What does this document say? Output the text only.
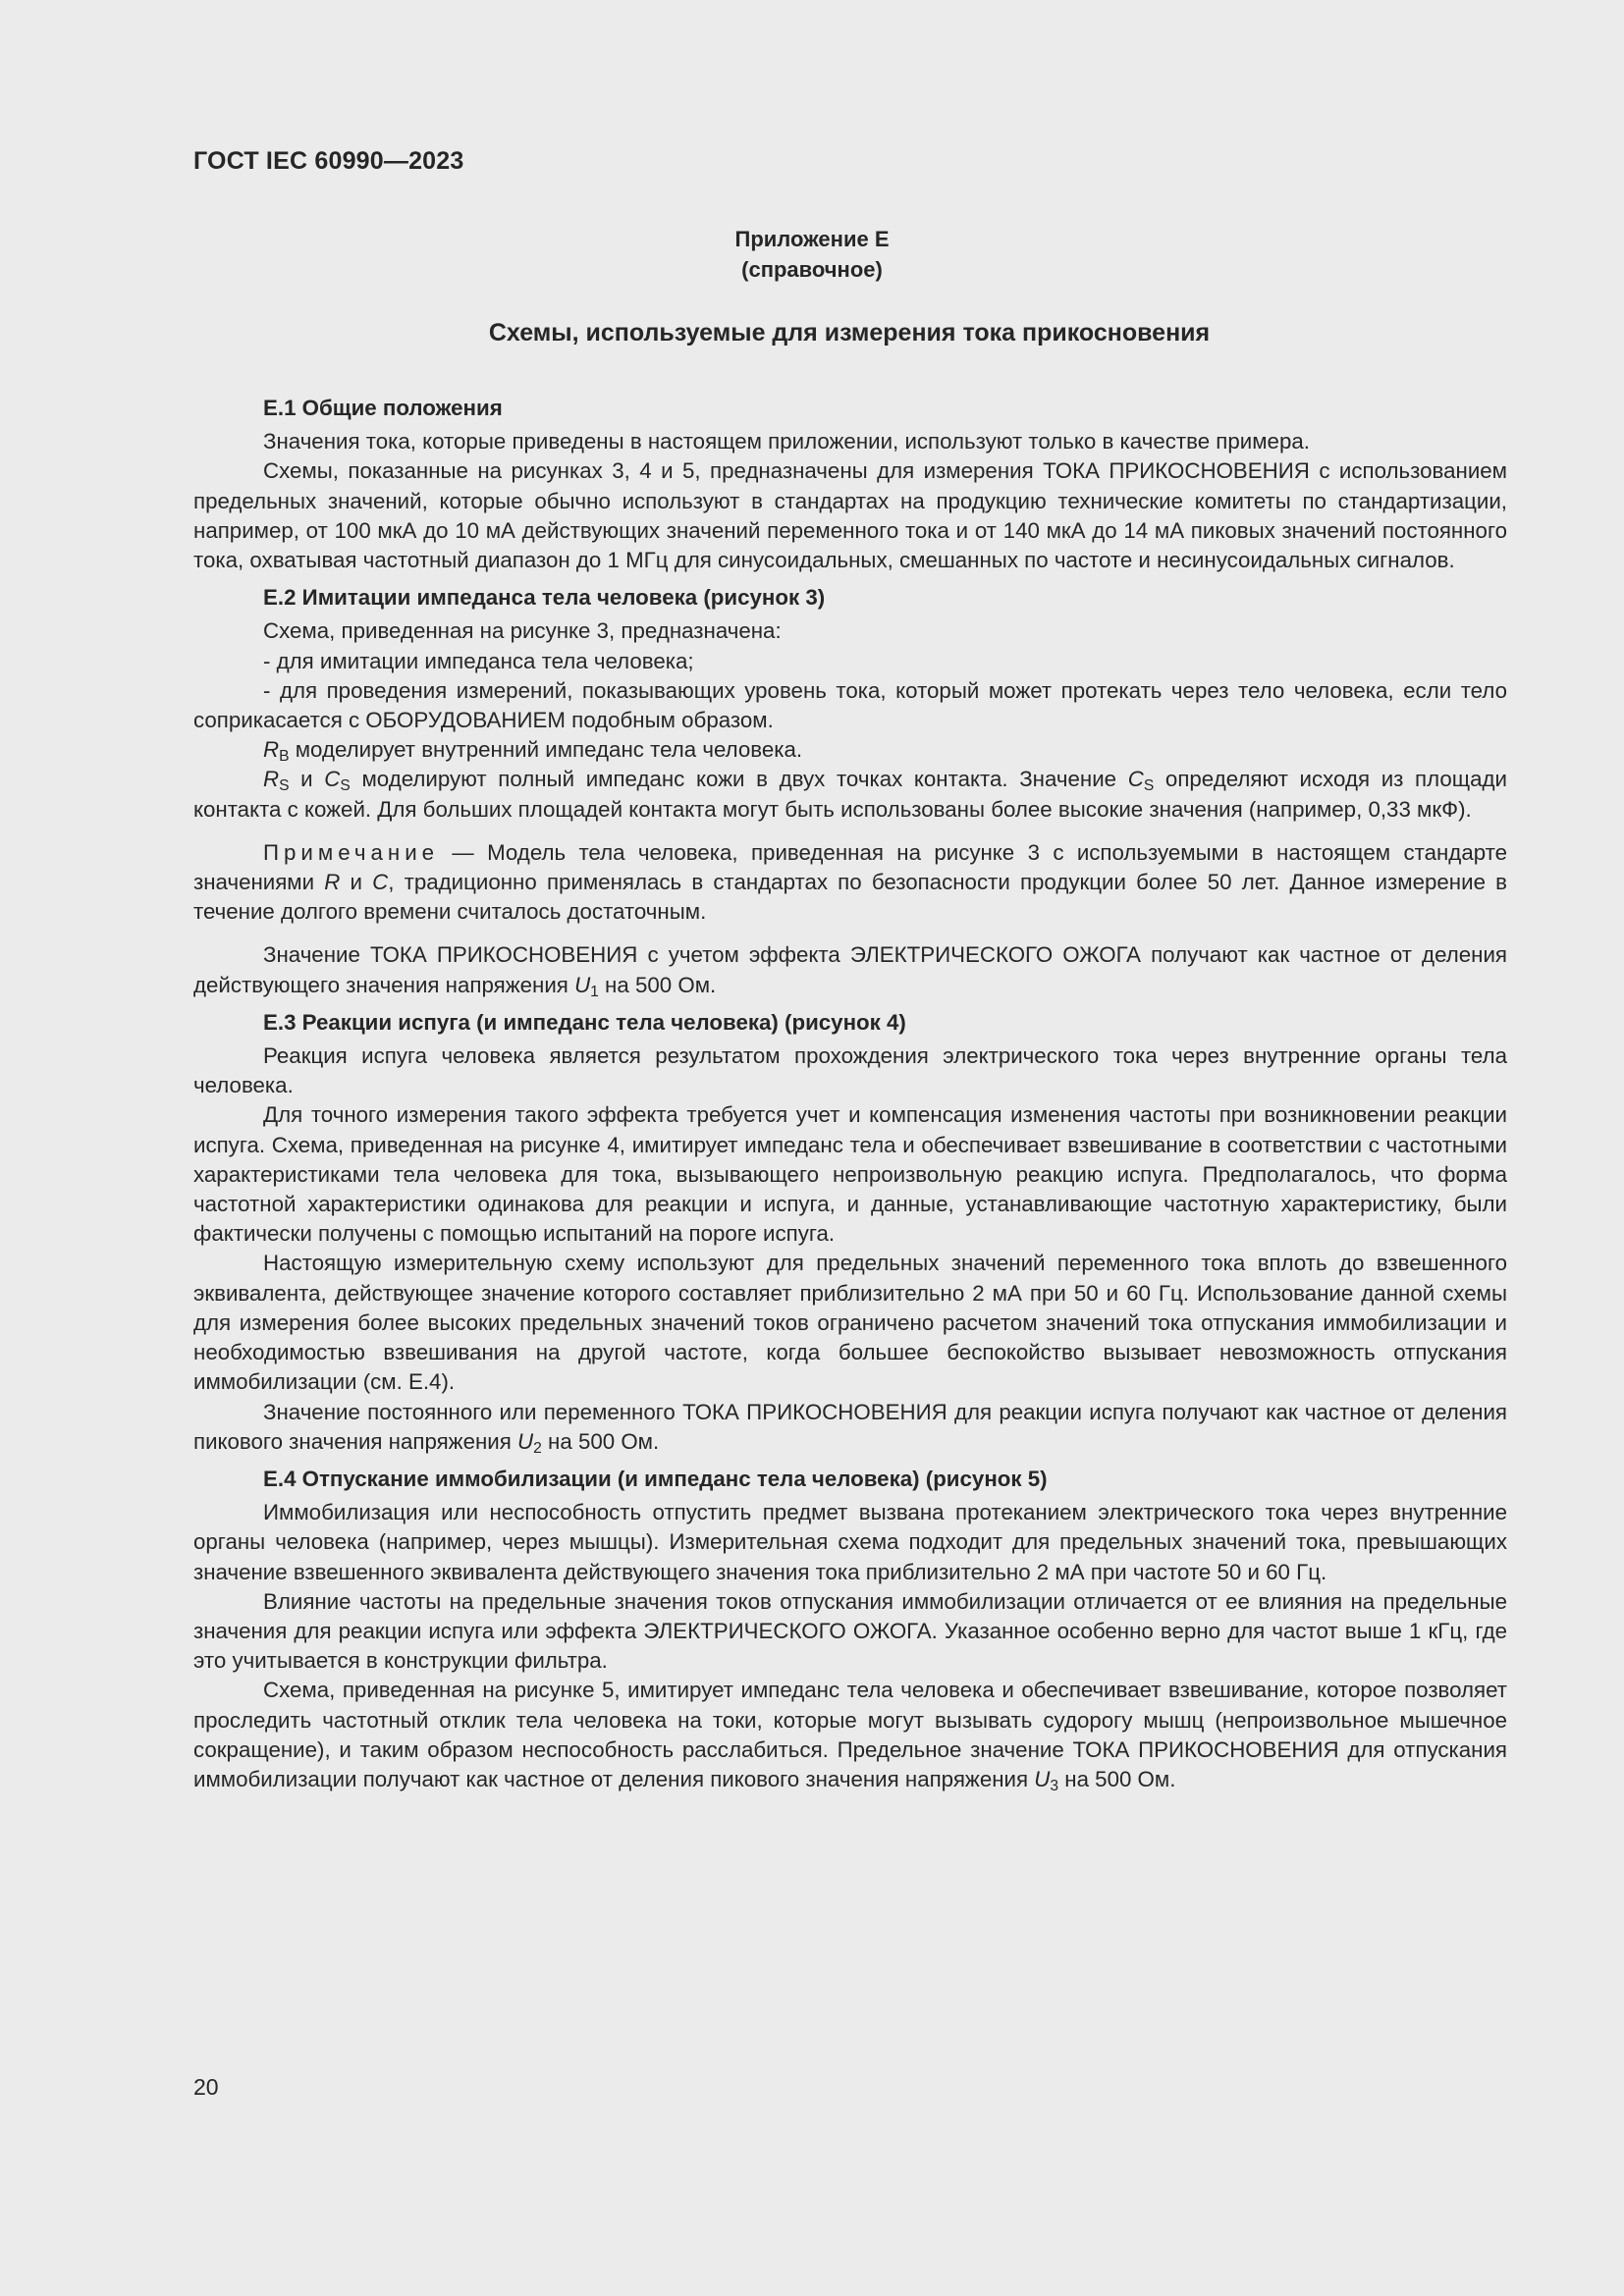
ГОСТ IEC 60990—2023
Приложение Е
(справочное)
Схемы, используемые для измерения тока прикосновения
Е.1 Общие положения

Значения тока, которые приведены в настоящем приложении, используют только в качестве примера.

Схемы, показанные на рисунках 3, 4 и 5, предназначены для измерения ТОКА ПРИКОСНОВЕНИЯ с использованием предельных значений, которые обычно используют в стандартах на продукцию технические комитеты по стандартизации, например, от 100 мкА до 10 мА действующих значений переменного тока и от 140 мкА до 14 мА пиковых значений постоянного тока, охватывая частотный диапазон до 1 МГц для синусоидальных, смешанных по частоте и несинусоидальных сигналов.

Е.2 Имитации импеданса тела человека (рисунок 3)

Схема, приведенная на рисунке 3, предназначена:

- для имитации импеданса тела человека;

- для проведения измерений, показывающих уровень тока, который может протекать через тело человека, если тело соприкасается с ОБОРУДОВАНИЕМ подобным образом.

$R_B$ моделирует внутренний импеданс тела человека.

$R_S$ и $C_S$ моделируют полный импеданс кожи в двух точках контакта. Значение $C_S$ определяют исходя из площади контакта с кожей. Для больших площадей контакта могут быть использованы более высокие значения (например, 0,33 мкФ).

Примечание — Модель тела человека, приведенная на рисунке 3 с используемыми в настоящем стандарте значениями R и C, традиционно применялась в стандартах по безопасности продукции более 50 лет. Данное измерение в течение долгого времени считалось достаточным.

Значение ТОКА ПРИКОСНОВЕНИЯ с учетом эффекта ЭЛЕКТРИЧЕСКОГО ОЖОГА получают как частное от деления действующего значения напряжения $U_1$ на 500 Ом.

Е.3 Реакции испуга (и импеданс тела человека) (рисунок 4)

Реакция испуга человека является результатом прохождения электрического тока через внутренние органы тела человека.

Для точного измерения такого эффекта требуется учет и компенсация изменения частоты при возникновении реакции испуга. Схема, приведенная на рисунке 4, имитирует импеданс тела и обеспечивает взвешивание в соответствии с частотными характеристиками тела человека для тока, вызывающего непроизвольную реакцию испуга. Предполагалось, что форма частотной характеристики одинакова для реакции и испуга, и данные, устанавливающие частотную характеристику, были фактически получены с помощью испытаний на пороге испуга.

Настоящую измерительную схему используют для предельных значений переменного тока вплоть до взвешенного эквивалента, действующее значение которого составляет приблизительно 2 мА при 50 и 60 Гц. Использование данной схемы для измерения более высоких предельных значений токов ограничено расчетом значений тока отпускания иммобилизации и необходимостью взвешивания на другой частоте, когда большее беспокойство вызывает невозможность отпускания иммобилизации (см. Е.4).

Значение постоянного или переменного ТОКА ПРИКОСНОВЕНИЯ для реакции испуга получают как частное от деления пикового значения напряжения $U_2$ на 500 Ом.

Е.4 Отпускание иммобилизации (и импеданс тела человека) (рисунок 5)

Иммобилизация или неспособность отпустить предмет вызвана протеканием электрического тока через внутренние органы человека (например, через мышцы). Измерительная схема подходит для предельных значений тока, превышающих значение взвешенного эквивалента действующего значения тока приблизительно 2 мА при частоте 50 и 60 Гц.

Влияние частоты на предельные значения токов отпускания иммобилизации отличается от ее влияния на предельные значения для реакции испуга или эффекта ЭЛЕКТРИЧЕСКОГО ОЖОГА. Указанное особенно верно для частот выше 1 кГц, где это учитывается в конструкции фильтра.

Схема, приведенная на рисунке 5, имитирует импеданс тела человека и обеспечивает взвешивание, которое позволяет проследить частотный отклик тела человека на токи, которые могут вызывать судорогу мышц (непроизвольное мышечное сокращение), и таким образом неспособность расслабиться. Предельное значение ТОКА ПРИКОСНОВЕНИЯ для отпускания иммобилизации получают как частное от деления пикового значения напряжения $U_3$ на 500 Ом.

20
